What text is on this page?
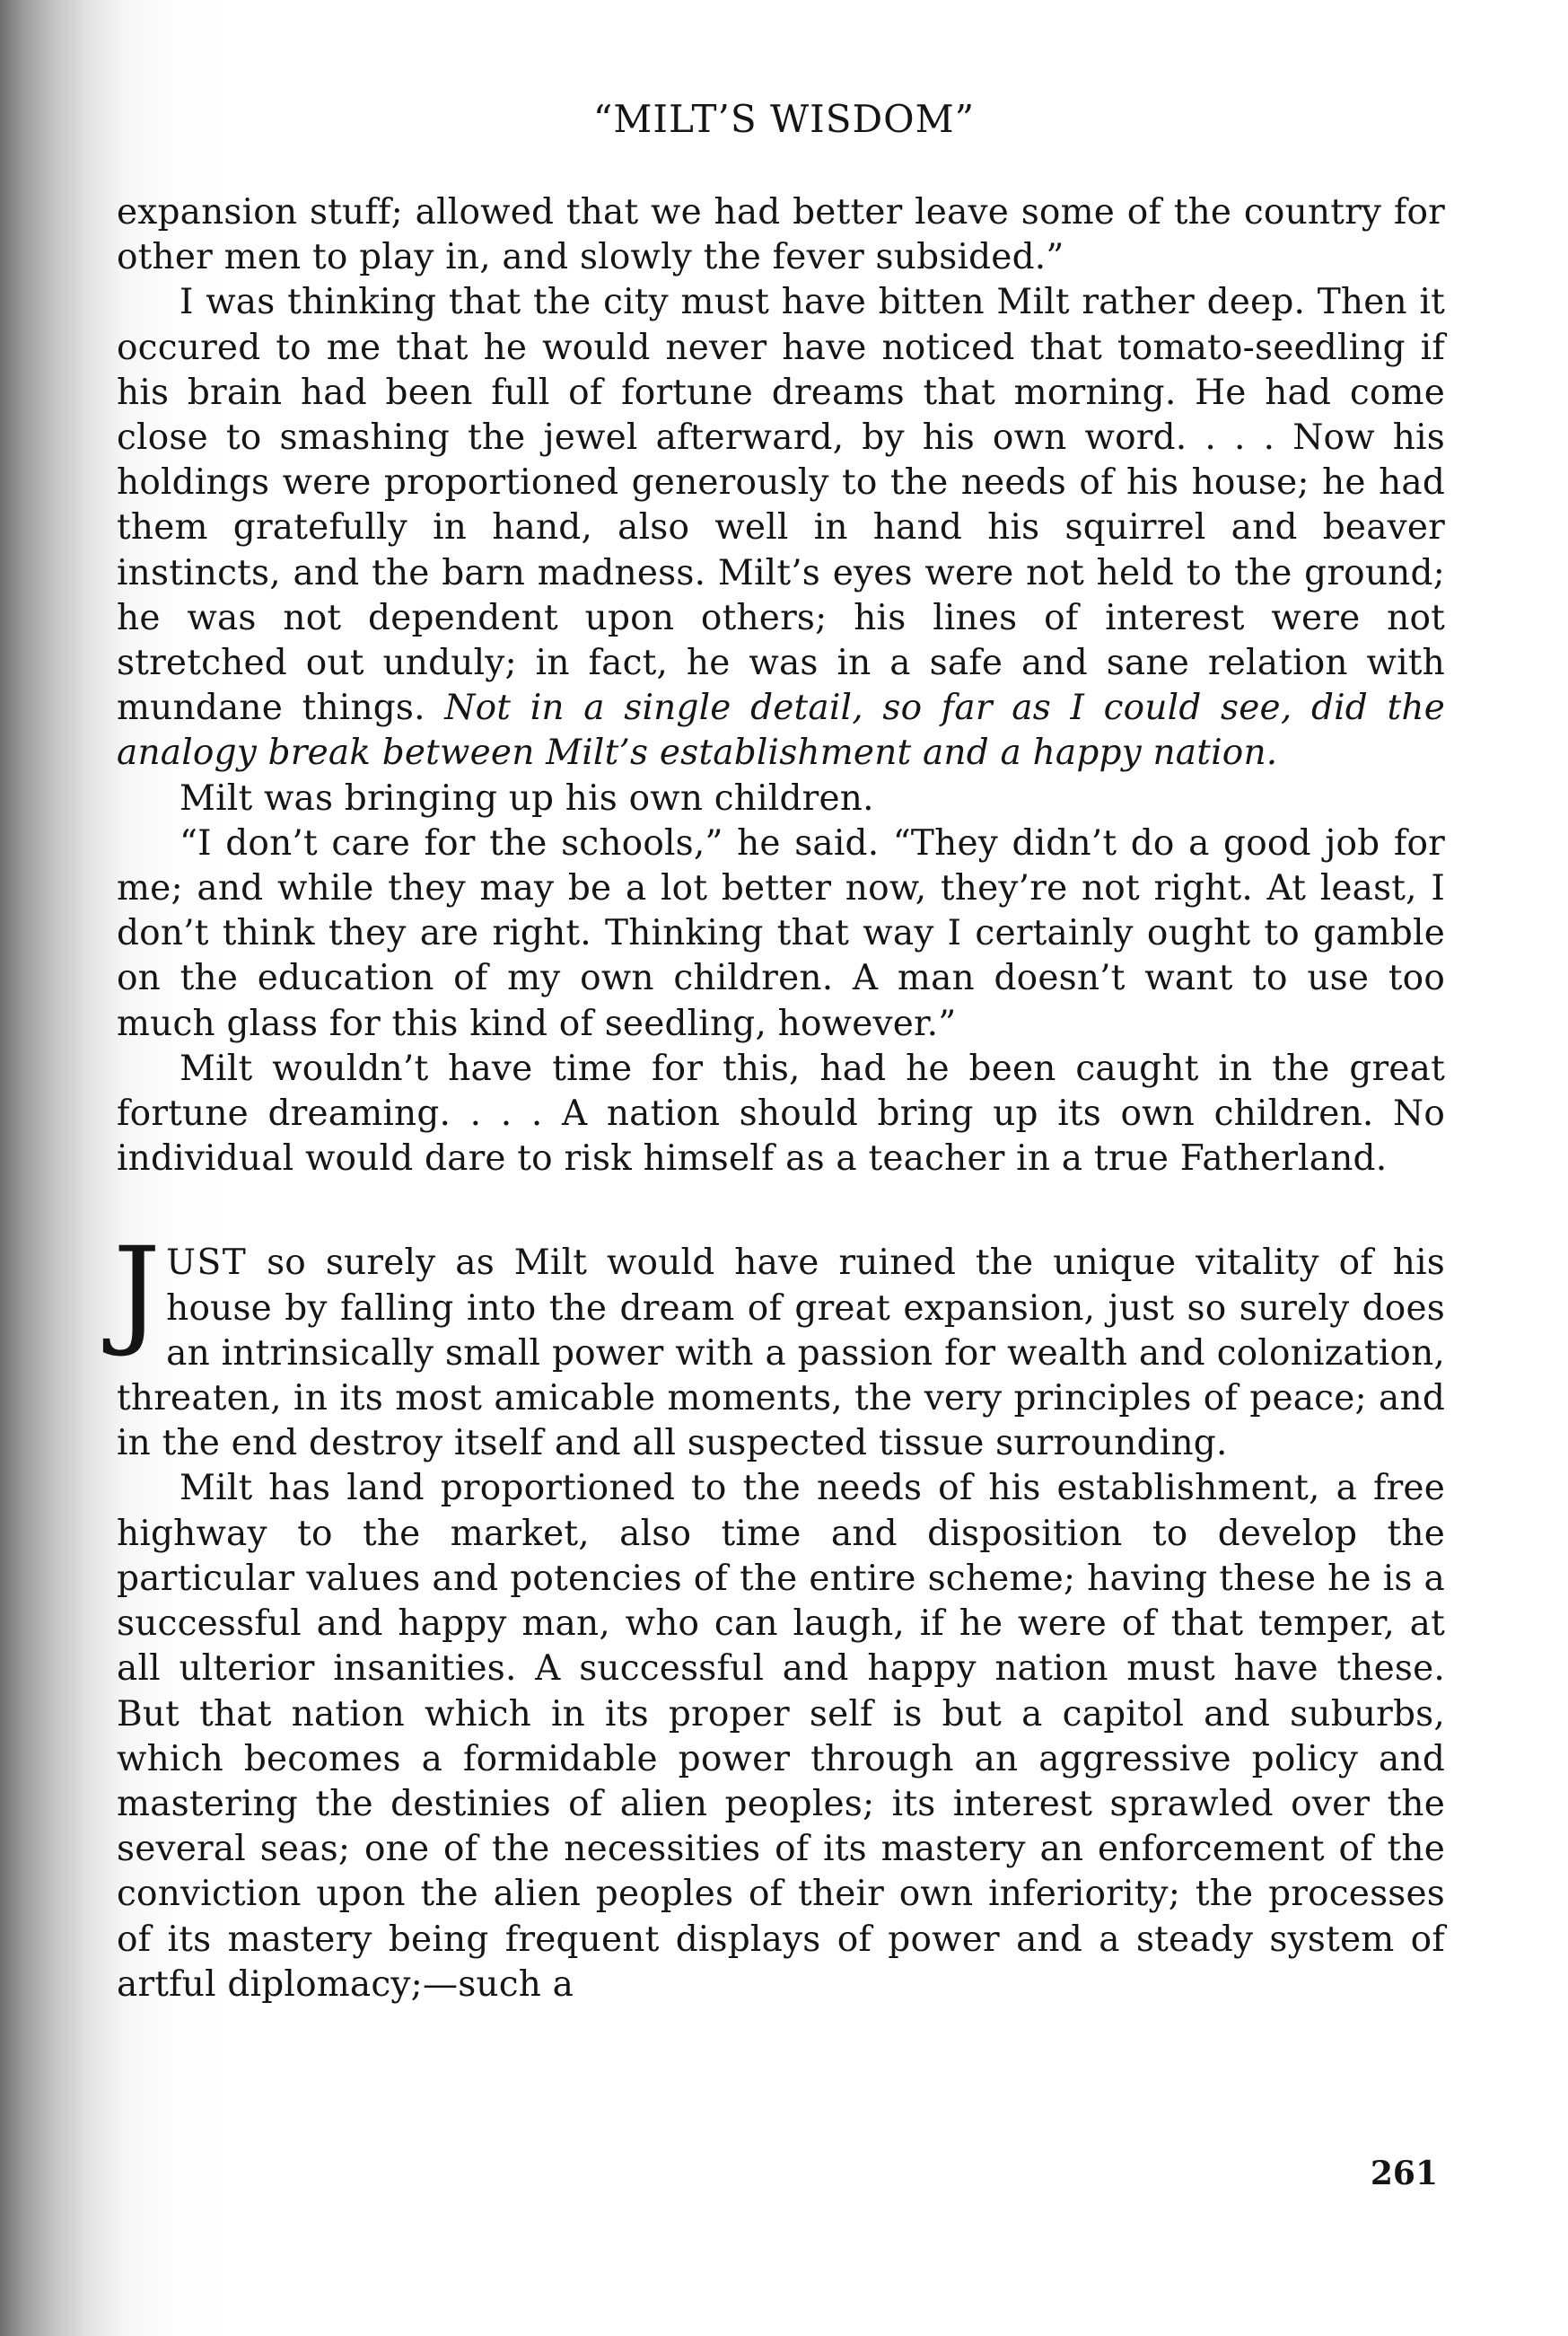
“MILT’S WISDOM”

expansion stuff; allowed that we had better leave some of the country for other men to play in, and slowly the fever subsided.”

I was thinking that the city must have bitten Milt rather deep. Then it occured to me that he would never have noticed that tomato-seedling if his brain had been full of fortune dreams that morning. He had come close to smashing the jewel afterward, by his own word. . . . Now his holdings were proportioned generously to the needs of his house; he had them gratefully in hand, also well in hand his squirrel and beaver instincts, and the barn madness. Milt’s eyes were not held to the ground; he was not dependent upon others; his lines of interest were not stretched out unduly; in fact, he was in a safe and sane relation with mundane things. Not in a single detail, so far as I could see, did the analogy break between Milt’s establishment and a happy nation.

Milt was bringing up his own children.

“I don’t care for the schools,” he said. “They didn’t do a good job for me; and while they may be a lot better now, they’re not right. At least, I don’t think they are right. Thinking that way I certainly ought to gamble on the education of my own children. A man doesn’t want to use too much glass for this kind of seedling, however.”

Milt wouldn’t have time for this, had he been caught in the great fortune dreaming. . . . A nation should bring up its own children. No individual would dare to risk himself as a teacher in a true Fatherland.

JUST so surely as Milt would have ruined the unique vitality of his house by falling into the dream of great expansion, just so surely does an intrinsically small power with a passion for wealth and colonization, threaten, in its most amicable moments, the very principles of peace; and in the end destroy itself and all suspected tissue surrounding.

Milt has land proportioned to the needs of his establishment, a free highway to the market, also time and disposition to develop the particular values and potencies of the entire scheme; having these he is a successful and happy man, who can laugh, if he were of that temper, at all ulterior insanities. A successful and happy nation must have these. But that nation which in its proper self is but a capitol and suburbs, which becomes a formidable power through an aggressive policy and mastering the destinies of alien peoples; its interest sprawled over the several seas; one of the necessities of its mastery an enforcement of the conviction upon the alien peoples of their own inferiority; the processes of its mastery being frequent displays of power and a steady system of artful diplomacy;—such a

261
